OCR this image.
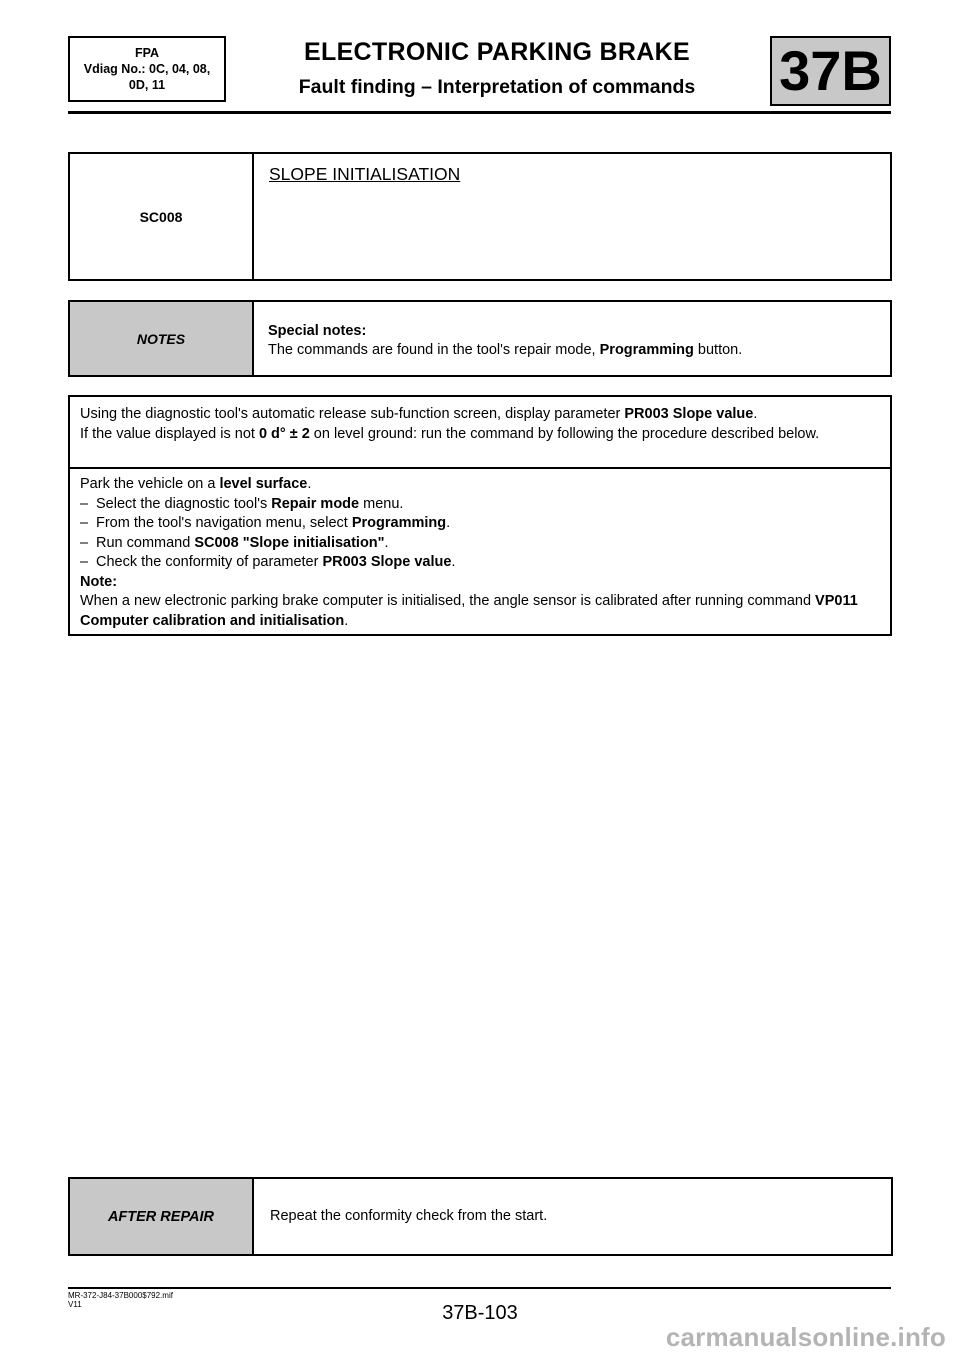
FPA
Vdiag No.: 0C, 04, 08,
0D, 11
ELECTRONIC PARKING BRAKE
Fault finding – Interpretation of commands	37B
SC008
SLOPE INITIALISATION
NOTES	Special notes:
The commands are found in the tool's repair mode, Programming button.

Using the diagnostic tool's automatic release sub-function screen, display parameter PR003 Slope value.

If the value displayed is not 0 d° ± 2 on level ground: run the command by following the procedure described below.

Park the vehicle on a level surface.

– Select the diagnostic tool's Repair mode menu.

– From the tool's navigation menu, select Programming.

– Run command SC008 "Slope initialisation".

– Check the conformity of parameter PR003 Slope value.

Note:

When a new electronic parking brake computer is initialised, the angle sensor is calibrated after running command VP011 Computer calibration and initialisation.

AFTER REPAIR	Repeat the conformity check from the start.
MR-372-J84-37B000$792.mif
V11	37B-103
carmanualsonline.info
